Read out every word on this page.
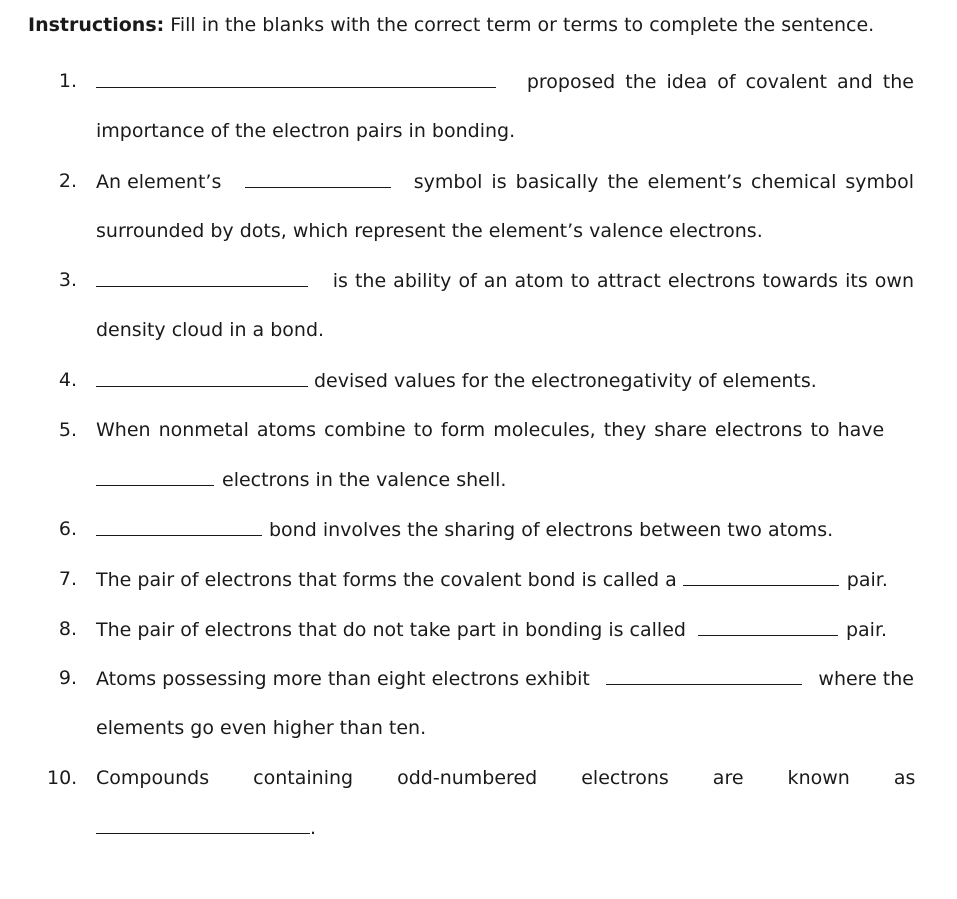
Instructions: Fill in the blanks with the correct term or terms to complete the sentence.
1.	proposed the idea of covalent and the
importance of the electron pairs in bonding.
2. An element’s	symbol is basically the element’s chemical symbol
surrounded by dots, which represent the element’s valence electrons.
3.	is the ability of an atom to attract electrons towards its own
density cloud in a bond.
4.	devised values for the electronegativity of elements.
5. When nonmetal atoms combine to form molecules, they share electrons to have
electrons in the valence shell.
6.	bond involves the sharing of electrons between two atoms.
7. The pair of electrons that forms the covalent bond is called a	pair.
8. The pair of electrons that do not take part in bonding is called	pair.
9. Atoms possessing more than eight electrons exhibit	where the
elements go even higher than ten.
10. Compounds containing odd-numbered electrons are known as
.
